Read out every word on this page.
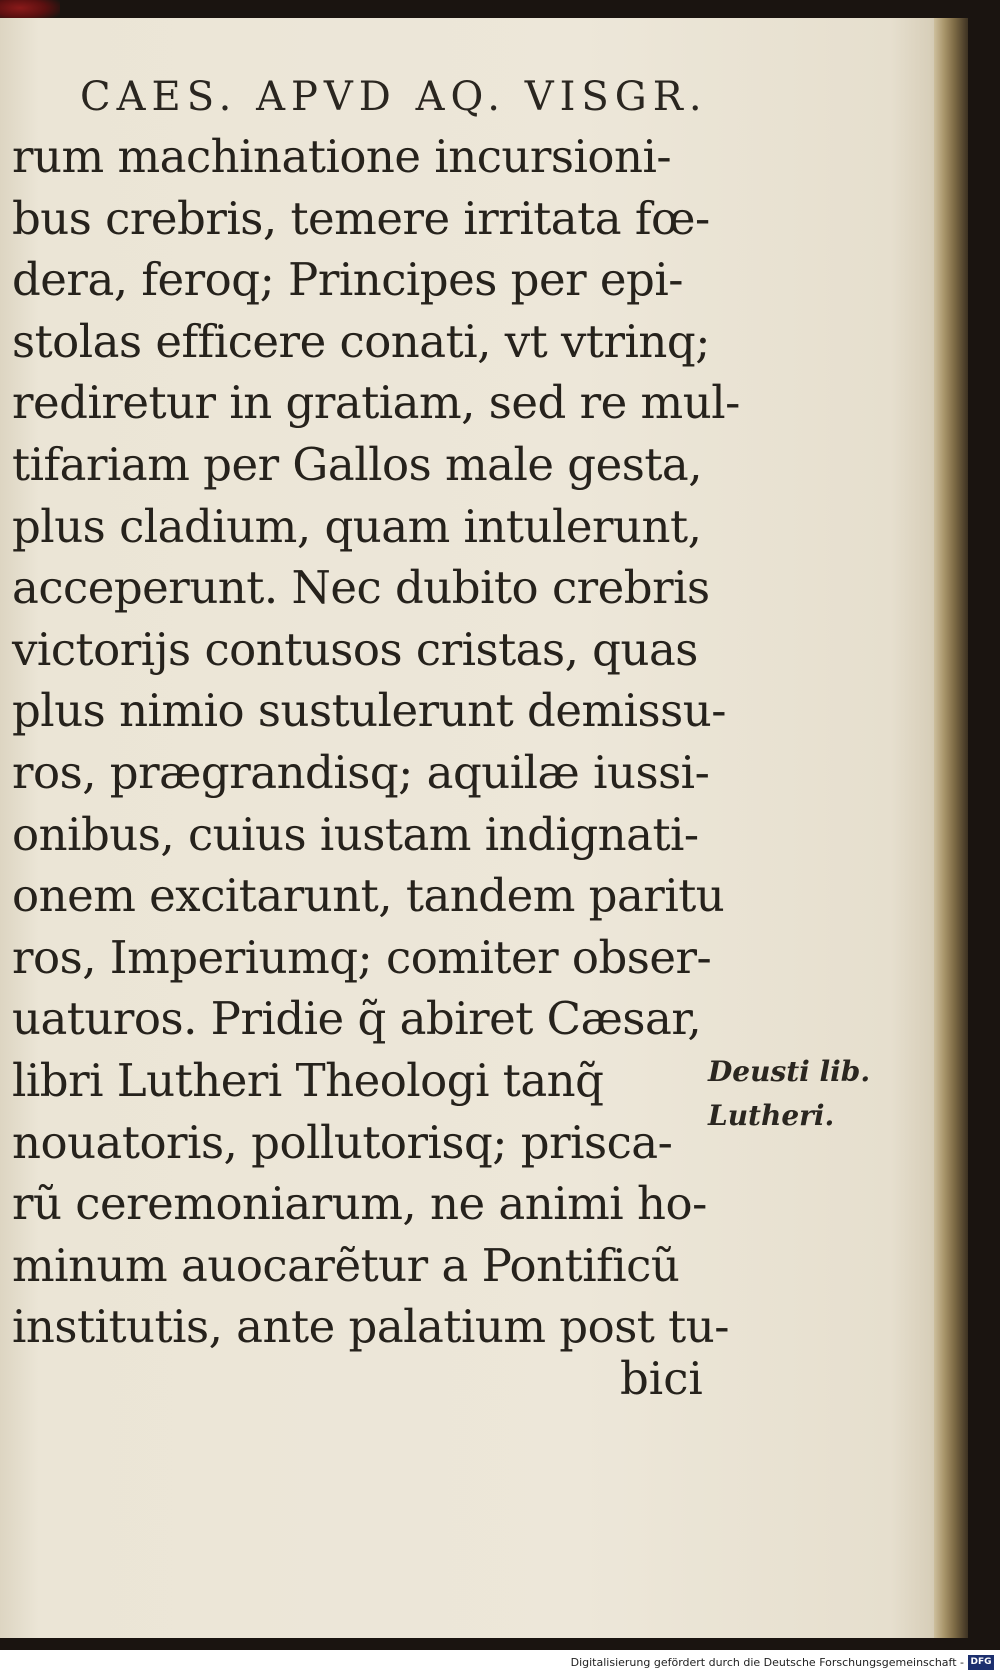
CAES. APVD AQ. VISGR.
rum machinatione incursioni-
bus crebris, temere irritata fœ-
dera, feroq; Principes per epi-
stolas efficere conati, vt vtrinq;
rediretur in gratiam, sed re mul-
tifariam per Gallos male gesta,
plus cladium, quam intulerunt,
acceperunt. Nec dubito crebris
victorijs contusos cristas, quas
plus nimio sustulerunt demissu-
ros, prægrandisq; aquilæ iussi-
onibus, cuius iustam indignati-
onem excitarunt, tandem paritu
ros, Imperiumq; comiter obser-
uaturos. Pridie q̃ abiret Cæsar,
libri Lutheri Theologi tanq̃
nouatoris, pollutorisq; prisca-
rũ ceremoniarum, ne animi ho-
minum auocarẽtur a Pontificũ
institutis, ante palatium post tu-
bici
Deusti lib.
Lutheri.
Digitalisierung gefördert durch die Deutsche Forschungsgemeinschaft - DFG
